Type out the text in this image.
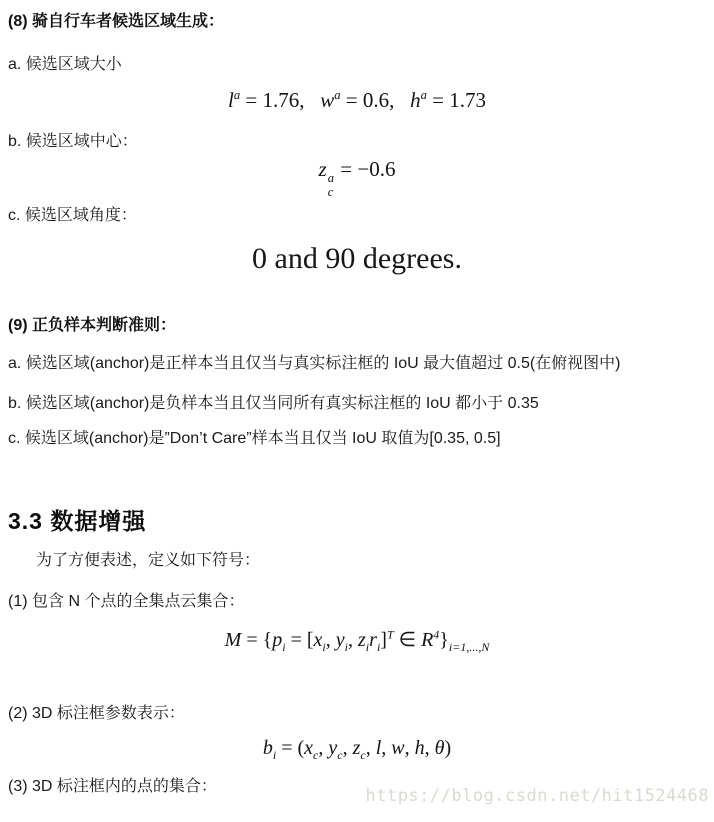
(8) 骑自行车者候选区域生成：
a. 候选区域大小
$l^a = 1.76$,   $w^a = 0.6$,   $h^a = 1.73$
b. 候选区域中心：
z a
c
= −0.6
c. 候选区域角度：
0 and 90 degrees.
(9) 正负样本判断准则：
a. 候选区域(anchor)是正样本当且仅当与真实标注框的 IoU 最大值超过 0.5(在俯视图中)
b. 候选区域(anchor)是负样本当且仅当同所有真实标注框的 IoU 都小于 0.35
c. 候选区域(anchor)是”Don’t Care”样本当且仅当 IoU 取值为[0.35, 0.5]
3.3 数据增强
为了方便表述，定义如下符号：
(1) 包含 N 个点的全集点云集合：
$M = \{p_i = [x_i$, $y_i$, $z_ir_i]^T$ ∈ $R^4\}_{i=1,...,N}$
(2) 3D 标注框参数表示：
$b_i = (x_c$, $y_c$, $z_c$, l, w, h, θ)
(3) 3D 标注框内的点的集合：	https://blog.csdn.net/hit1524468
